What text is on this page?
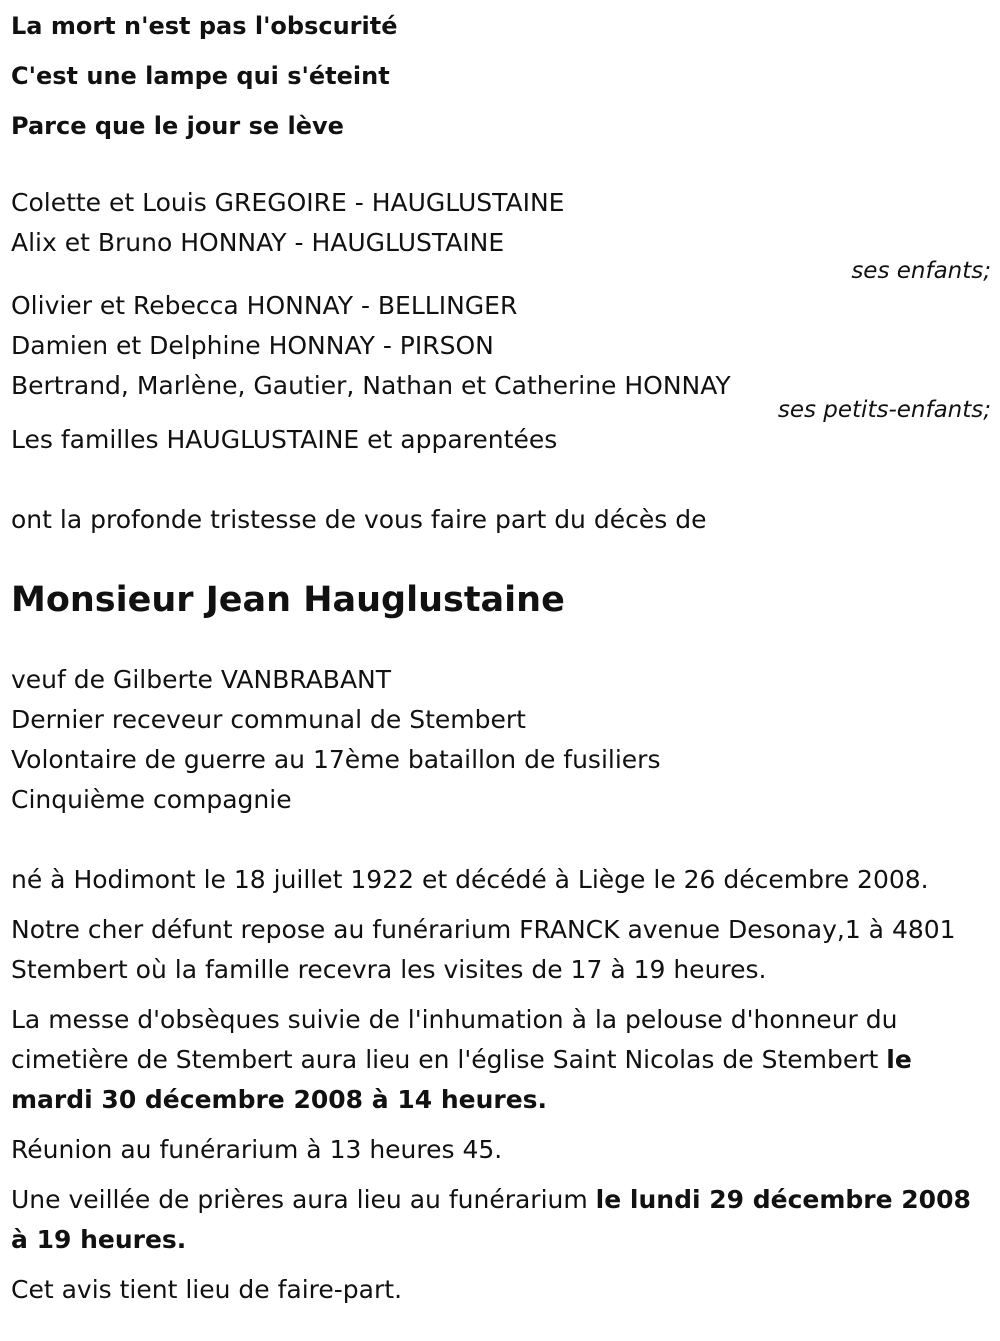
La mort n'est pas l'obscurité
C'est une lampe qui s'éteint
Parce que le jour se lève
Colette et Louis GREGOIRE - HAUGLUSTAINE
Alix et Bruno HONNAY - HAUGLUSTAINE
ses enfants;
Olivier et Rebecca HONNAY - BELLINGER
Damien et Delphine HONNAY - PIRSON
Bertrand, Marlène, Gautier, Nathan et Catherine HONNAY
ses petits-enfants;
Les familles HAUGLUSTAINE et apparentées
ont la profonde tristesse de vous faire part du décès de
Monsieur Jean Hauglustaine
veuf de Gilberte VANBRABANT
Dernier receveur communal de Stembert
Volontaire de guerre au 17ème bataillon de fusiliers
Cinquième compagnie

né à Hodimont le 18 juillet 1922 et décédé à Liège le 26 décembre 2008.

Notre cher défunt repose au funérarium FRANCK avenue Desonay,1 à 4801 Stembert où la famille recevra les visites de 17 à 19 heures.

La messe d'obsèques suivie de l'inhumation à la pelouse d'honneur du cimetière de Stembert aura lieu en l'église Saint Nicolas de Stembert le mardi 30 décembre 2008 à 14 heures.

Réunion au funérarium à 13 heures 45.

Une veillée de prières aura lieu au funérarium le lundi 29 décembre 2008 à 19 heures.

Cet avis tient lieu de faire-part.
